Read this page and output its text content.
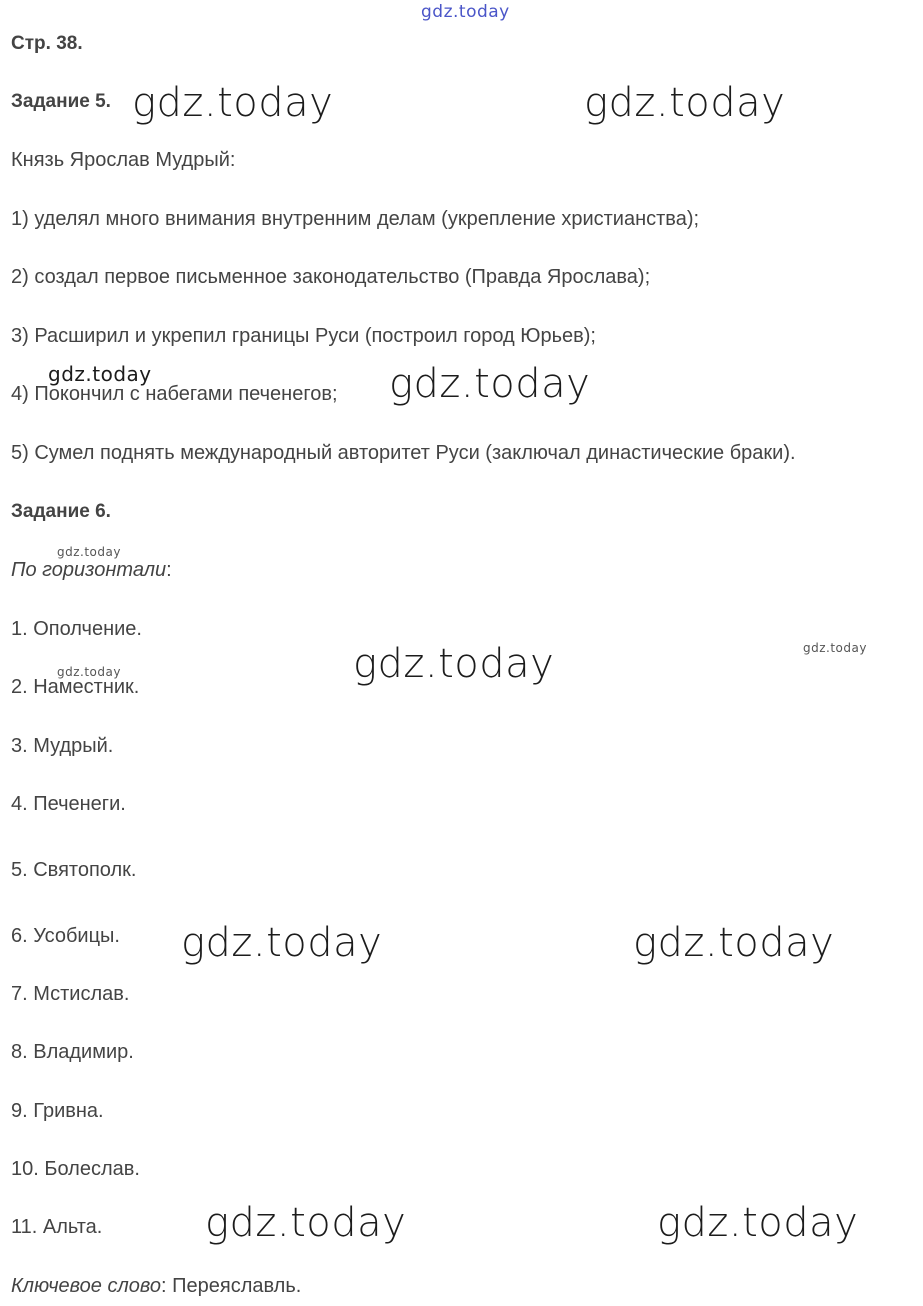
gdz.today
Стр. 38.
Задание 5.
Князь Ярослав Мудрый:
1) уделял много внимания внутренним делам (укрепление христианства);
2) создал первое письменное законодательство (Правда Ярослава);
3) Расширил и укрепил границы Руси (построил город Юрьев);
4) Покончил с набегами печенегов;
5) Сумел поднять международный авторитет Руси (заключал династические браки).
Задание 6.
По горизонтали:
1. Ополчение.
2. Наместник.
3. Мудрый.
4. Печенеги.
5. Святополк.
6. Усобицы.
7. Мстислав.
8. Владимир.
9. Гривна.
10. Болеслав.
11. Альта.
Ключевое слово: Переяславль.
gdz.today	gdz.today
gdz.today	gdz.today
gdz.today
gdz.today	gdz.today
gdz.today
gdz.today	gdz.today
gdz.today	gdz.today
